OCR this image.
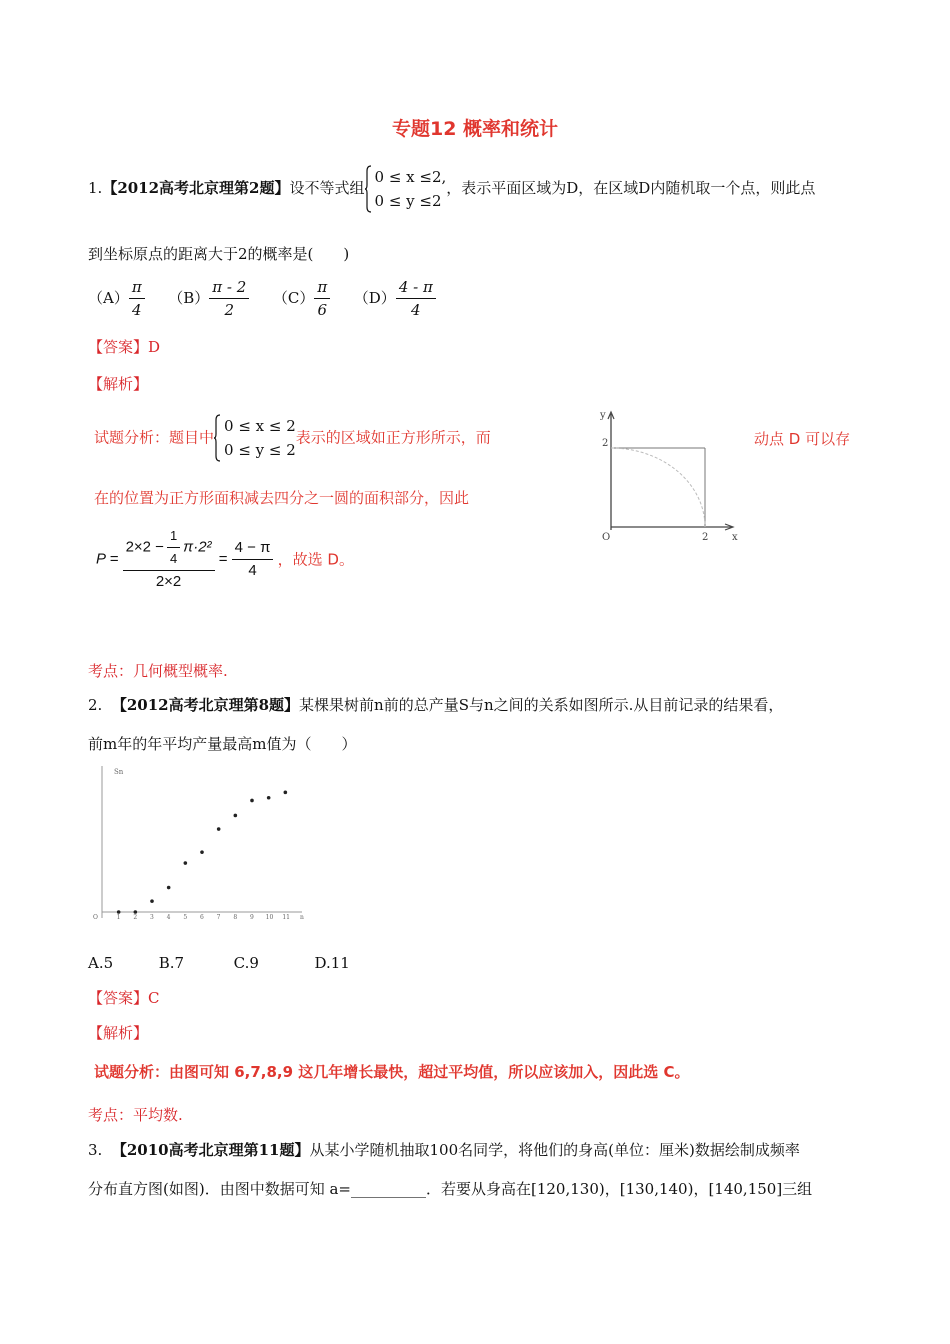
专题12 概率和统计
1.【2012高考北京理第2题】设不等式组
0 ≤ x ≤2,
0 ≤ y ≤2
，表示平面区域为D，在区域D内随机取一个点，则此点
到坐标原点的距离大于2的概率是(　　)
$(A) \frac{\pi}{4} (B) \frac{\pi - 2}{2} (C) \frac{\pi}{6} (D) \frac{4 - \pi}{4}$
【答案】D
【解析】
试题分析：题目中
0 ≤ x ≤ 2
0 ≤ y ≤ 2
表示的区域如正方形所示，而	动点 D 可以存
在的位置为正方形面积减去四分之一圆的面积部分，因此
$P = \frac{2\times 2 - \frac{1}{4} \pi\cdot 2^2}{2\times 2} = \frac{4 - \pi}{4}$ ，故选 D。
y
2
O	2 x
考点：几何概型概率.
2. 【2012高考北京理第8题】某棵果树前n前的总产量S与n之间的关系如图所示.从目前记录的结果看，
前m年的年平均产量最高m值为（　　）
Sn
O	1 2 3 4 5 6 7 8 9 10 11 n
A.5	B.7	C.9	D.11
【答案】C
【解析】
试题分析：由图可知 6,7,8,9 这几年增长最快，超过平均值，所以应该加入，因此选 C。
考点：平均数.
3. 【2010高考北京理第11题】从某小学随机抽取100名同学，将他们的身高(单位：厘米)数据绘制成频率
分布直方图(如图)．由图中数据可知 a=__________．若要从身高在[120,130)，[130,140)，[140,150]三组
